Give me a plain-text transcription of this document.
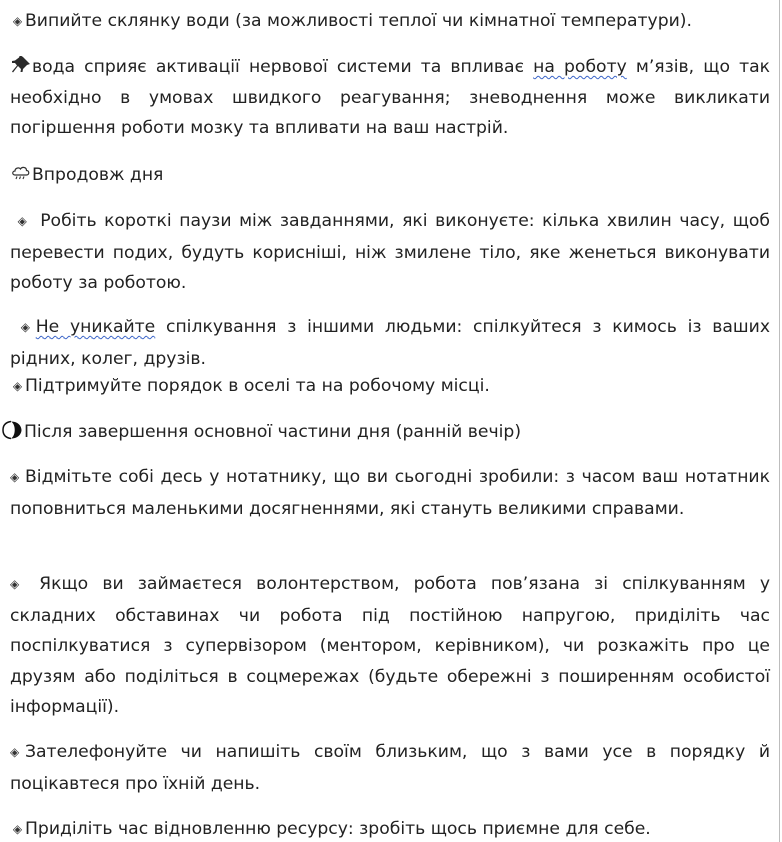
◈ Випийте склянку води (за можливості теплої чи кімнатної температури).

вода сприяє активації нервової системи та впливає на роботу м’язів, що так необхідно в умовах швидкого реагування; зневоднення може викликати погіршення роботи мозку та впливати на ваш настрій.

Впродовж дня

◈ Робіть короткі паузи між завданнями, які виконуєте: кілька хвилин часу, щоб перевести подих, будуть кориснішi, ніж змилене тіло, яке женеться виконувати роботу за роботою.

◈ Не уникайте спілкування з іншими людьми: спілкуйтеся з кимось із ваших рідних, колег, друзів.

◈ Підтримуйте порядок в оселі та на робочому місці.

Після завершення основної частини дня (ранній вечір)

◈ Відмітьте собі десь у нотатнику, що ви сьогодні зробили: з часом ваш нотатник поповниться маленькими досягненнями, які стануть великими справами.

◈ Якщо ви займаєтеся волонтерством, робота пов’язана зі спілкуванням у складних обставинах чи робота під постійною напругою, приділіть час поспілкуватися з супервізором (ментором, керівником), чи розкажіть про це друзям або поділіться в соцмережах (будьте обережні з поширенням особистої інформації).

◈ Зателефонуйте чи напишіть своїм близьким, що з вами усе в порядку й поцікавтеся про їхній день.

◈ Приділіть час відновленню ресурсу: зробіть щось приємне для себе.
